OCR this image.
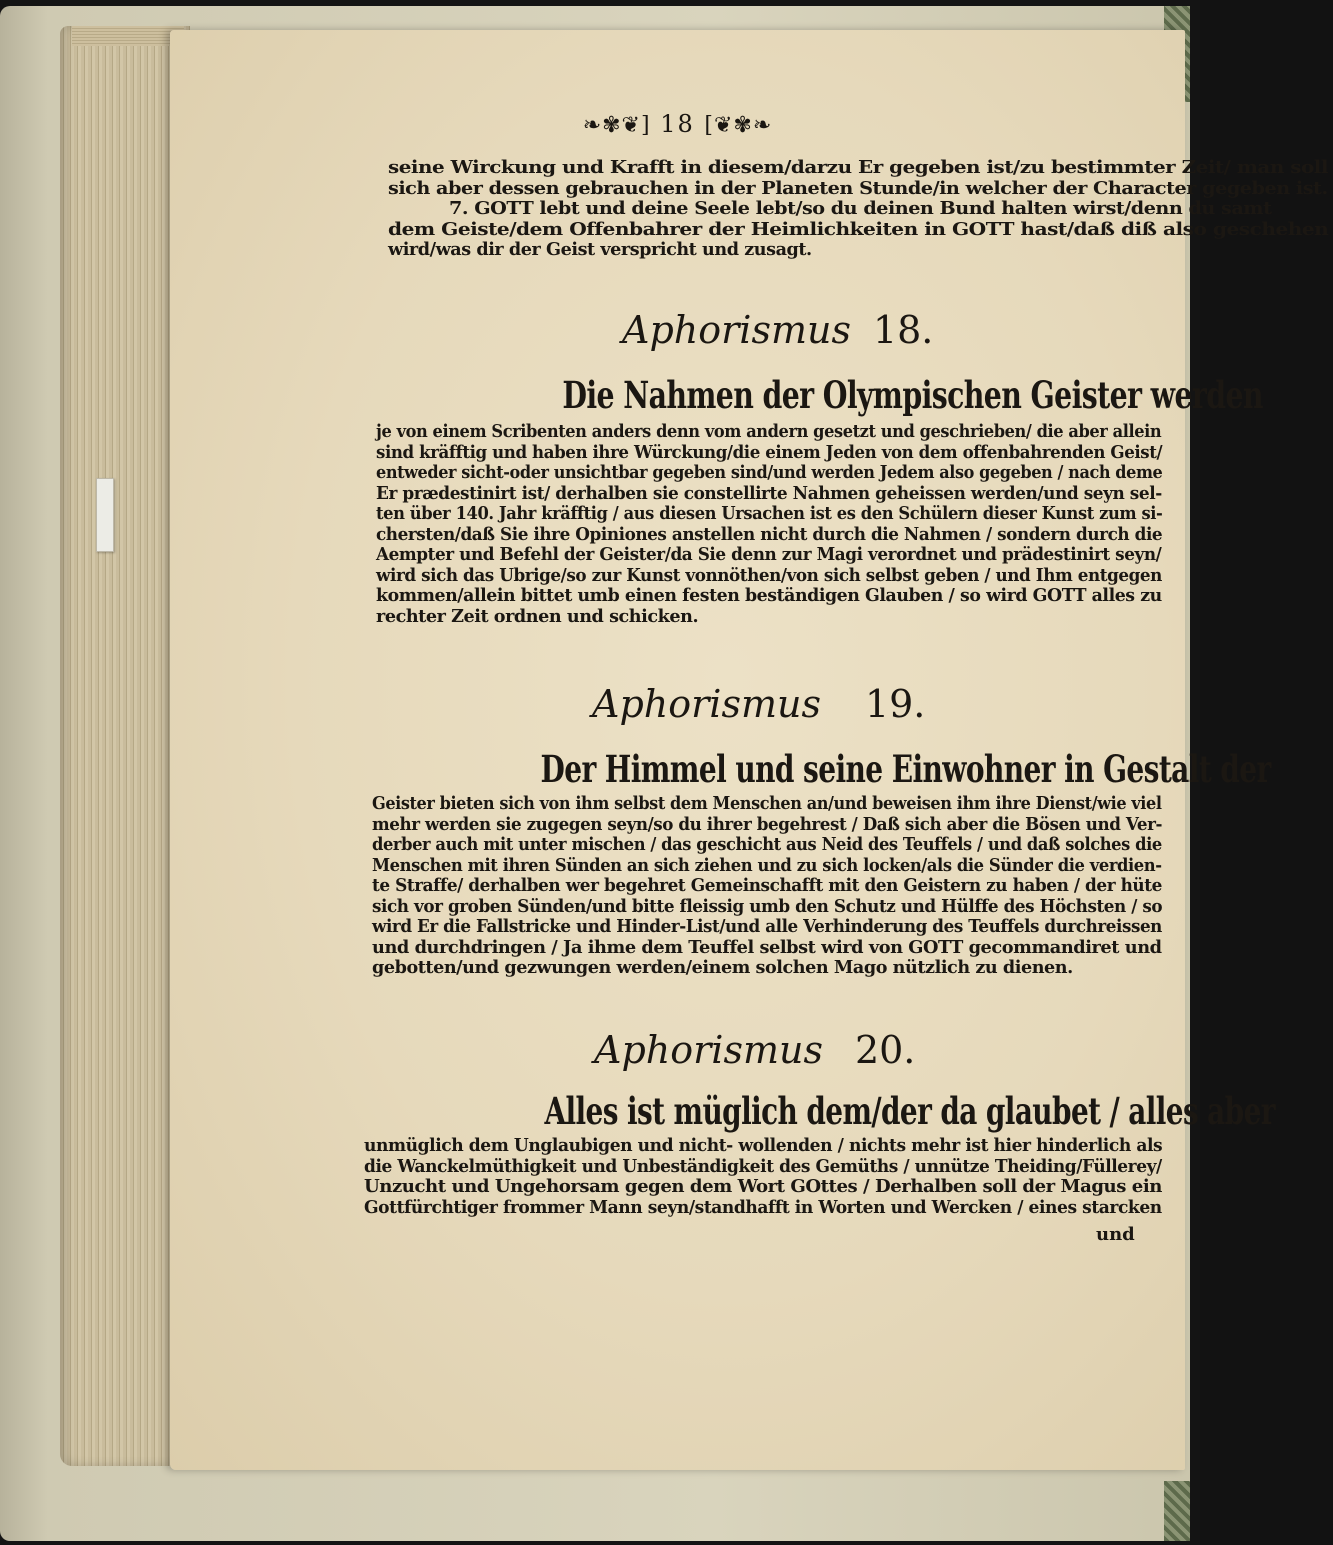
❧✾❦] 18 [❦✾❧
seine Wirckung und Krafft in diesem/darzu Er gegeben ist/zu bestimmter Zeit/ man soll
sich aber dessen gebrauchen in der Planeten Stunde/in welcher der Character gegeben ist.
7. GOTT lebt und deine Seele lebt/so du deinen Bund halten wirst/denn du samt
dem Geiste/dem Offenbahrer der Heimlichkeiten in GOTT hast/daß diß also geschehen
wird/was dir der Geist verspricht und zusagt.
Aphorismus 18.
Die Nahmen der Olympischen Geister werden
je von einem Scribenten anders denn vom andern gesetzt und geschrieben/ die aber allein
sind kräfftig und haben ihre Würckung/die einem Jeden von dem offenbahrenden Geist/
entweder sicht-oder unsichtbar gegeben sind/und werden Jedem also gegeben / nach deme
Er prædestinirt ist/ derhalben sie constellirte Nahmen geheissen werden/und seyn sel-
ten über 140. Jahr kräfftig / aus diesen Ursachen ist es den Schülern dieser Kunst zum si-
chersten/daß Sie ihre Opiniones anstellen nicht durch die Nahmen / sondern durch die
Aempter und Befehl der Geister/da Sie denn zur Magi verordnet und prädestinirt seyn/
wird sich das Ubrige/so zur Kunst vonnöthen/von sich selbst geben / und Ihm entgegen
kommen/allein bittet umb einen festen beständigen Glauben / so wird GOTT alles zu
rechter Zeit ordnen und schicken.
Aphorismus 19.
Der Himmel und seine Einwohner in Gestalt der
Geister bieten sich von ihm selbst dem Menschen an/und beweisen ihm ihre Dienst/wie viel
mehr werden sie zugegen seyn/so du ihrer begehrest / Daß sich aber die Bösen und Ver-
derber auch mit unter mischen / das geschicht aus Neid des Teuffels / und daß solches die
Menschen mit ihren Sünden an sich ziehen und zu sich locken/als die Sünder die verdien-
te Straffe/ derhalben wer begehret Gemeinschafft mit den Geistern zu haben / der hüte
sich vor groben Sünden/und bitte fleissig umb den Schutz und Hülffe des Höchsten / so
wird Er die Fallstricke und Hinder-List/und alle Verhinderung des Teuffels durchreissen
und durchdringen / Ja ihme dem Teuffel selbst wird von GOTT gecommandiret und
gebotten/und gezwungen werden/einem solchen Mago nützlich zu dienen.
Aphorismus 20.
Alles ist müglich dem/der da glaubet / alles aber
unmüglich dem Unglaubigen und nicht- wollenden / nichts mehr ist hier hinderlich als
die Wanckelmüthigkeit und Unbeständigkeit des Gemüths / unnütze Theiding/Füllerey/
Unzucht und Ungehorsam gegen dem Wort GOttes / Derhalben soll der Magus ein
Gottfürchtiger frommer Mann seyn/standhafft in Worten und Wercken / eines starcken
und
